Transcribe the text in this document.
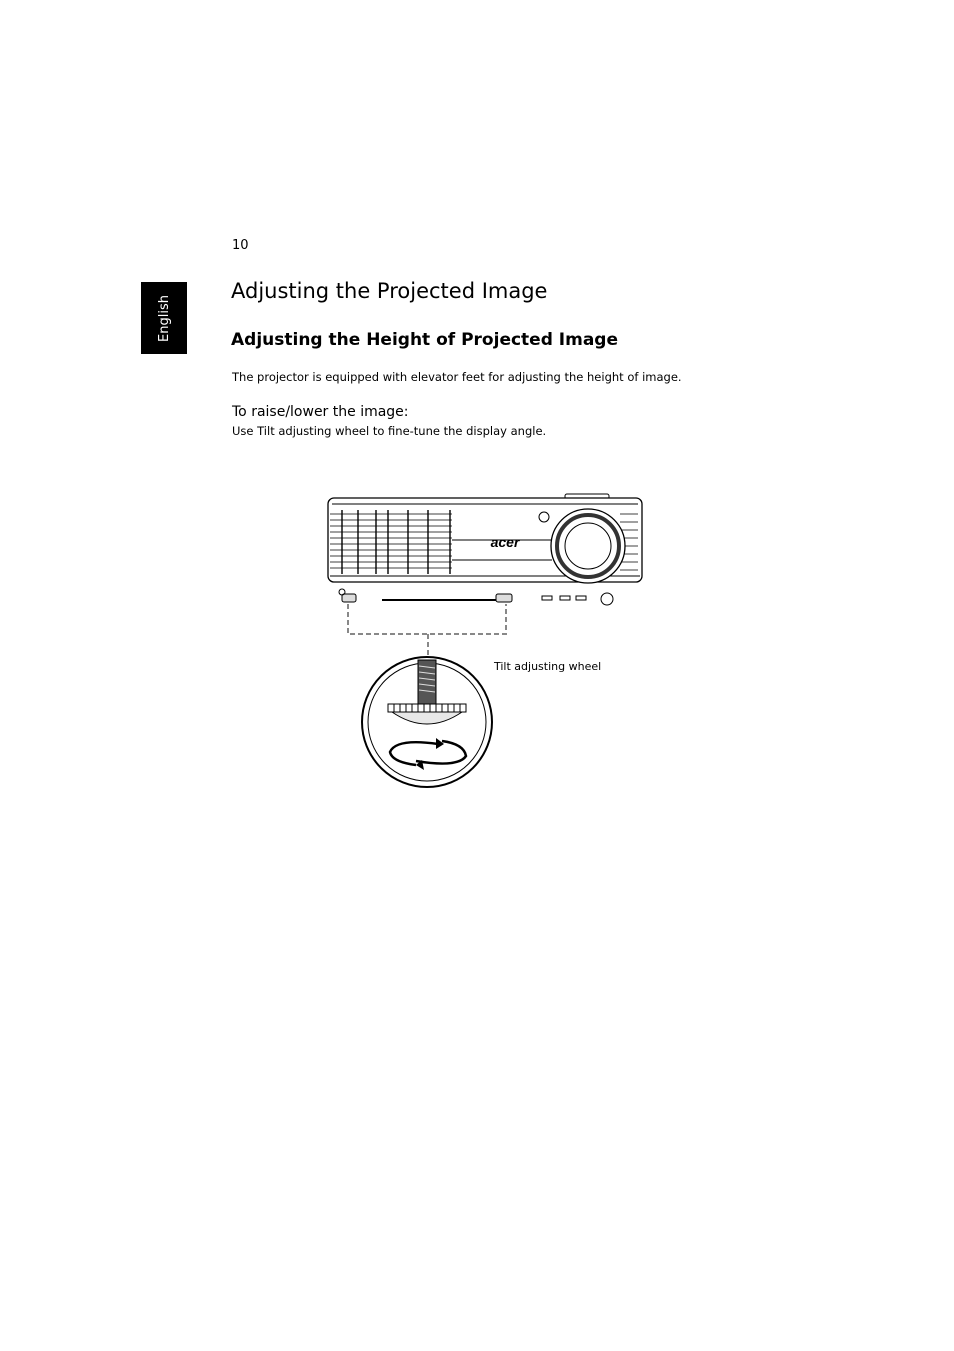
10
English
Adjusting the Projected Image
Adjusting the Height of Projected Image

The projector is equipped with elevator feet for adjusting the height of image.

To raise/lower the image:

Use Tilt adjusting wheel to fine-tune the display angle.

acer
Tilt adjusting wheel
